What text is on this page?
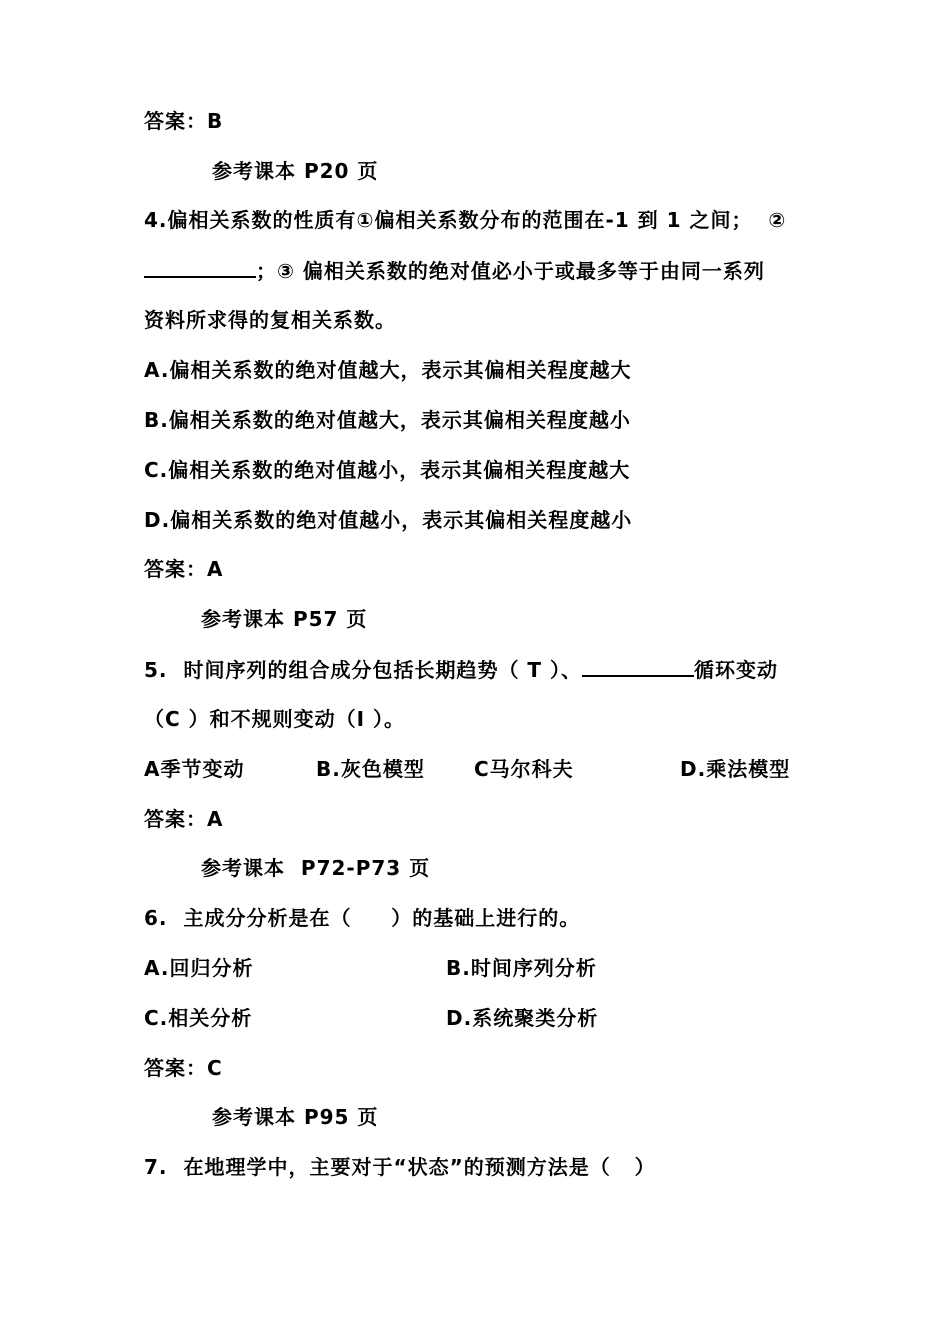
答案：B
参考课本 P20 页
4.偏相关系数的性质有①偏相关系数分布的范围在-1 到 1 之间；  ②
；③ 偏相关系数的绝对值必小于或最多等于由同一系列
资料所求得的复相关系数。
A.偏相关系数的绝对值越大，表示其偏相关程度越大
B.偏相关系数的绝对值越大，表示其偏相关程度越小
C.偏相关系数的绝对值越小，表示其偏相关程度越大
D.偏相关系数的绝对值越小，表示其偏相关程度越小
答案：A
参考课本 P57 页
5.  时间序列的组合成分包括长期趋势（ T ）、	循环变动
（C ）和不规则变动（I ）。
A季节变动	B.灰色模型 C马尔科夫	D.乘法模型
答案：A
参考课本  P72-P73 页
6.  主成分分析是在（     ）的基础上进行的。
A.回归分析	B.时间序列分析
C.相关分析	D.系统聚类分析
答案：C
参考课本 P95 页
7.  在地理学中，主要对于“状态”的预测方法是（   ）
